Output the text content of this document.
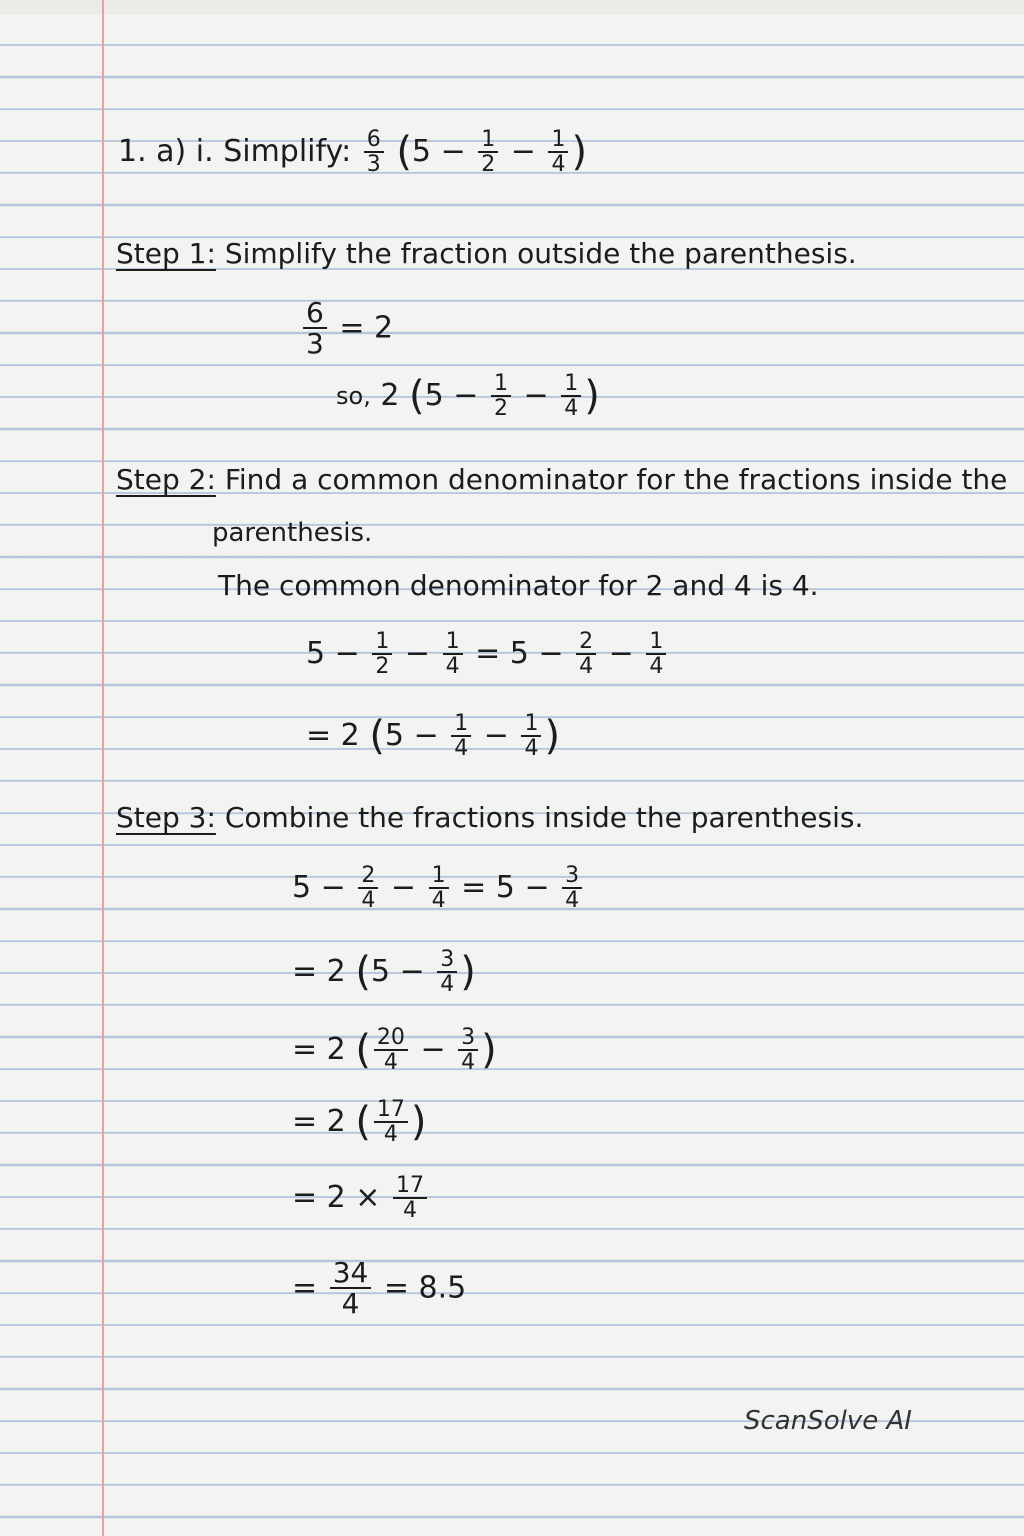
1. a) i. Simplify: $\frac{6}{3} (5 - \frac{1}{2} - \frac{1}{4}$ )
Step 1: Simplify the fraction outside the parenthesis.
$\frac{6}{3} = 2$
so, 2 ($5 - \frac{1}{2} - \frac{1}{4}$ )
Step 2: Find a common denominator for the fractions inside the
parenthesis.
The common denominator for 2 and 4 is 4.
$5 - \frac{1}{2} - \frac{1}{4} = 5 - \frac{2}{4} - \frac{1}{4}$
= 2 ($5 - \frac{1}{4} - \frac{1}{4}$ )
Step 3: Combine the fractions inside the parenthesis.
$5 - \frac{2}{4} - \frac{1}{4} = 5 - \frac{3}{4}$
= 2 ($5 - \frac{3}{4}$ )
= 2 ( $\frac{20}{4} - \frac{3}{4}$ )
= 2 ( $\frac{17}{4}$ )
= $2 \times \frac{17}{4}$
= $\frac{34}{4} = 8.5$
ScanSolve AI
